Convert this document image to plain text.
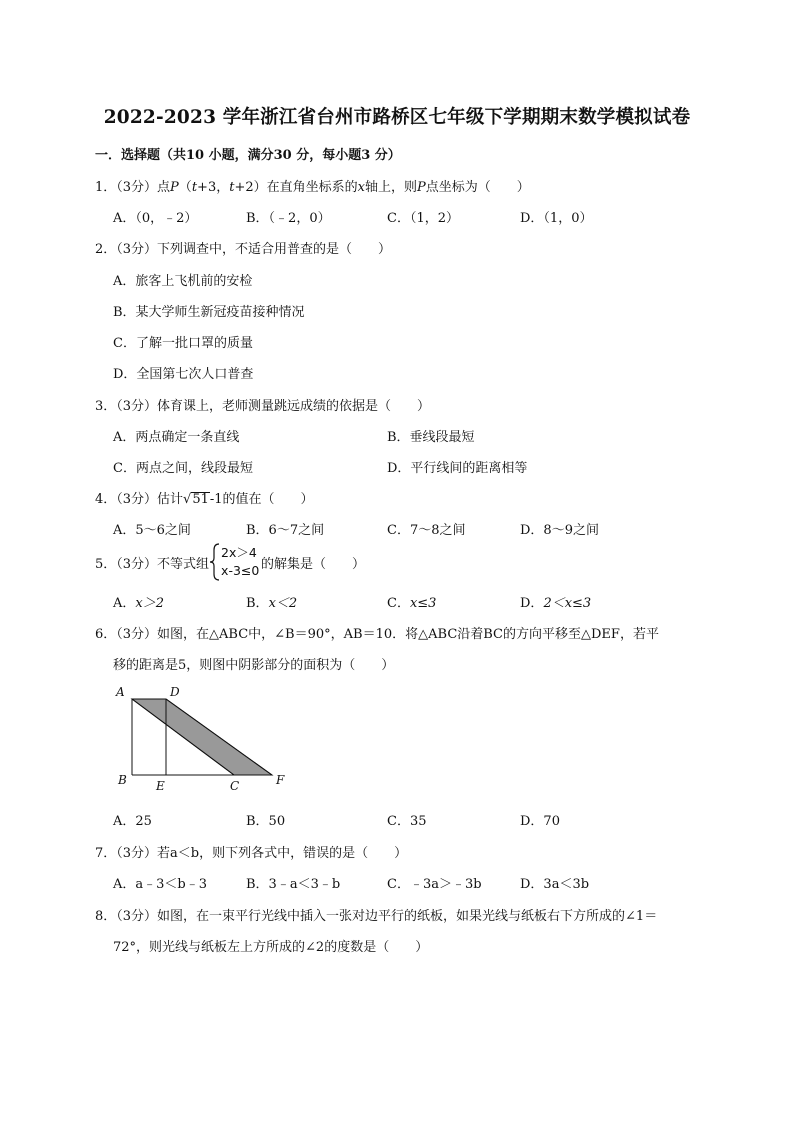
2022-2023 学年浙江省台州市路桥区七年级下学期期末数学模拟试卷
一．选择题（共10 小题，满分30 分，每小题3 分）
1．（3分）点P（t+3，t+2）在直角坐标系的x轴上，则P点坐标为（　　）
A．（0，﹣2）	B．（﹣2，0）	C．（1，2）	D．（1，0）
2．（3分）下列调查中，不适合用普查的是（　　）
A．旅客上飞机前的安检
B．某大学师生新冠疫苗接种情况
C．了解一批口罩的质量
D．全国第七次人口普查
3．（3分）体育课上，老师测量跳远成绩的依据是（　　）
A．两点确定一条直线	B．垂线段最短
C．两点之间，线段最短	D．平行线间的距离相等
4．（3分）估计√51-1的值在（　　）
A．5～6之间	B．6～7之间	C．7～8之间	D．8～9之间
5．（3分）不等式组
2x＞4
x-3≤0 的解集是（　　）
A．x＞2	B．x＜2	C．x≤3	D．2＜x≤3
6．（3分）如图，在△ABC中，∠B＝90°，AB＝10．将△ABC沿着BC的方向平移至△DEF，若平
移的距离是5，则图中阴影部分的面积为（　　）
A	D
B E	C	F
A．25	B．50	C．35	D．70
7．（3分）若a＜b，则下列各式中，错误的是（　　）
A．a﹣3＜b﹣3	B．3﹣a＜3﹣b	C．﹣3a＞﹣3b	D．3a＜3b
8．（3分）如图，在一束平行光线中插入一张对边平行的纸板，如果光线与纸板右下方所成的∠1＝
72°，则光线与纸板左上方所成的∠2的度数是（　　）
